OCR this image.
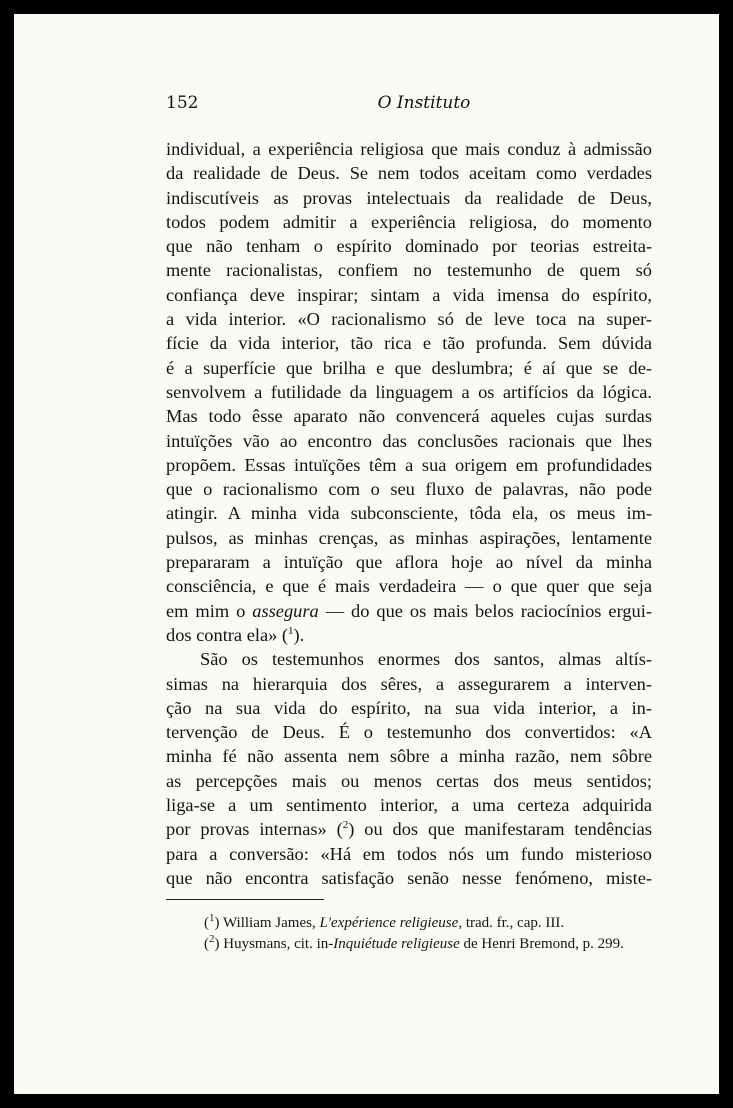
152	O Instituto
individual, a experiência religiosa que mais conduz à admissão
da realidade de Deus. Se nem todos aceitam como verdades
indiscutíveis as provas intelectuais da realidade de Deus,
todos podem admitir a experiência religiosa, do momento
que não tenham o espírito dominado por teorias estreita-
mente racionalistas, confiem no testemunho de quem só
confiança deve inspirar; sintam a vida imensa do espírito,
a vida interior. «O racionalismo só de leve toca na super-
fície da vida interior, tão rica e tão profunda. Sem dúvida
é a superfície que brilha e que deslumbra; é aí que se de-
senvolvem a futilidade da linguagem a os artifícios da lógica.
Mas todo êsse aparato não convencerá aqueles cujas surdas
intuïções vão ao encontro das conclusões racionais que lhes
propõem. Essas intuïções têm a sua origem em profundidades
que o racionalismo com o seu fluxo de palavras, não pode
atingir. A minha vida subconsciente, tôda ela, os meus im-
pulsos, as minhas crenças, as minhas aspirações, lentamente
prepararam a intuïção que aflora hoje ao nível da minha
consciência, e que é mais verdadeira — o que quer que seja
em mim o assegura — do que os mais belos raciocínios ergui-
dos contra ela» ($^1$).
São os testemunhos enormes dos santos, almas altís-
simas na hierarquia dos sêres, a assegurarem a interven-
ção na sua vida do espírito, na sua vida interior, a in-
tervenção de Deus. É o testemunho dos convertidos: «A
minha fé não assenta nem sôbre a minha razão, nem sôbre
as percepções mais ou menos certas dos meus sentidos;
liga-se a um sentimento interior, a uma certeza adquirida
por provas internas» ($^2$) ou dos que manifestaram tendências
para a conversão: «Há em todos nós um fundo misterioso
que não encontra satisfação senão nesse fenómeno, miste-
($^1$) William James, L'expérience religieuse, trad. fr., cap. III.
($^2$) Huysmans, cit. in-Inquiétude religieuse de Henri Bremond, p. 299.
